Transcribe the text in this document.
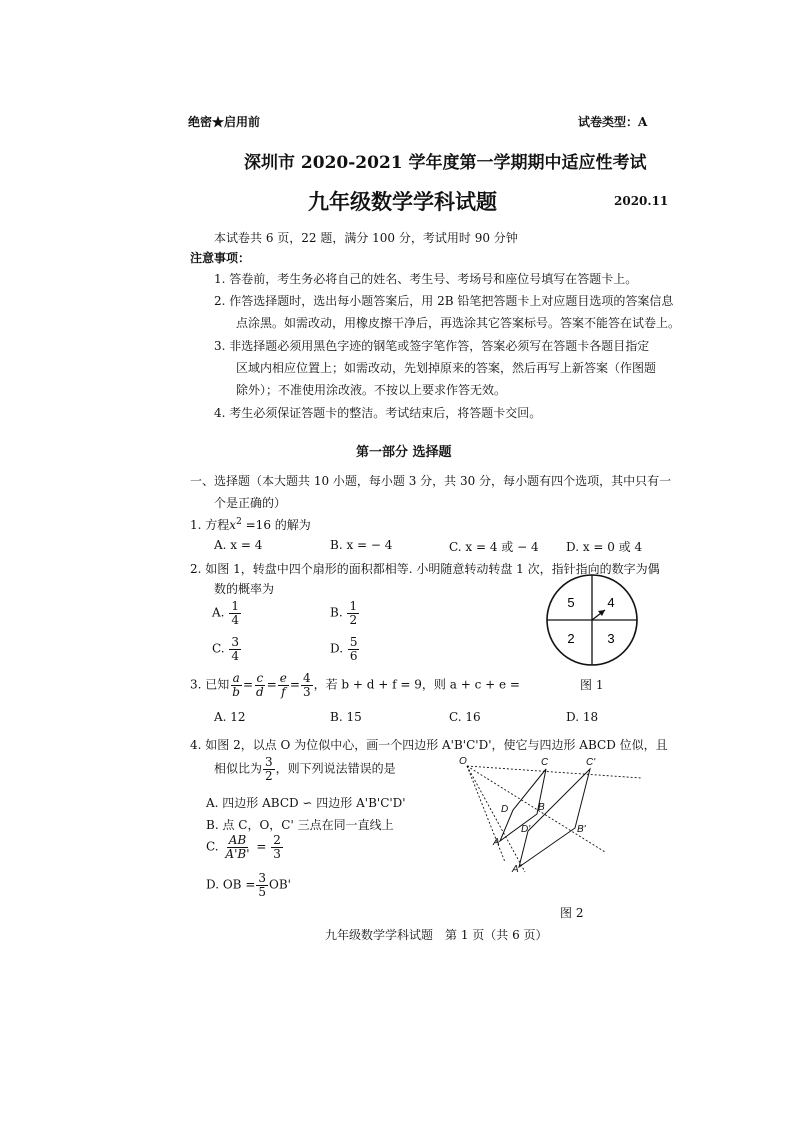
绝密★启用前	试卷类型：A
深圳市 2020-2021 学年度第一学期期中适应性考试
九年级数学学科试题	2020.11
本试卷共 6 页，22 题，满分 100 分，考试用时 90 分钟
注意事项：
1. 答卷前，考生务必将自己的姓名、考生号、考场号和座位号填写在答题卡上。
2. 作答选择题时，选出每小题答案后，用 2B 铅笔把答题卡上对应题目选项的答案信息
点涂黑。如需改动，用橡皮擦干净后，再选涂其它答案标号。答案不能答在试卷上。
3. 非选择题必须用黑色字迹的钢笔或签字笔作答，答案必须写在答题卡各题目指定
区域内相应位置上；如需改动，先划掉原来的答案，然后再写上新答案（作图题
除外）；不准使用涂改液。不按以上要求作答无效。
4. 考生必须保证答题卡的整洁。考试结束后，将答题卡交回。
第一部分 选择题
一、选择题（本大题共 10 小题，每小题 3 分，共 30 分，每小题有四个选项，其中只有一
个是正确的）
1. 方程$x^2 =16$ 的解为
A. x = 4	B. x = − 4	C. x = 4 或 − 4 D. x = 0 或 4
2. 如图 1，转盘中四个扇形的面积都相等. 小明随意转动转盘 1 次，指针指向的数字为偶
数的概率为
A. $\frac{1}{4}$	B. $\frac{1}{2}$
C. $\frac{3}{4}$	D. $\frac{5}{6}$
5	4
2	3
图 1
3. 已知 $\frac{a}{b} = \frac{c}{d} = \frac{e}{f} = \frac{4}{3}$ ，若 b + d + f = 9，则 a + c + e =
A. 12	B. 15	C. 16	D. 18
4. 如图 2，以点 O 为位似中心，画一个四边形 A'B'C'D'，使它与四边形 ABCD 位似，且
相似比为 $\frac{3}{2}$ ，则下列说法错误的是
A. 四边形 ABCD ∽ 四边形 A'B'C'D'
B. 点 C，O，C' 三点在同一直线上
C. $\frac{AB}{A'B'} = \frac{2}{3}$
D. OB = $\frac{3}{5} OB'$
O	C	C'
D	B
D'	B'
A
A'
图 2
九年级数学学科试题　第 1 页（共 6 页）
